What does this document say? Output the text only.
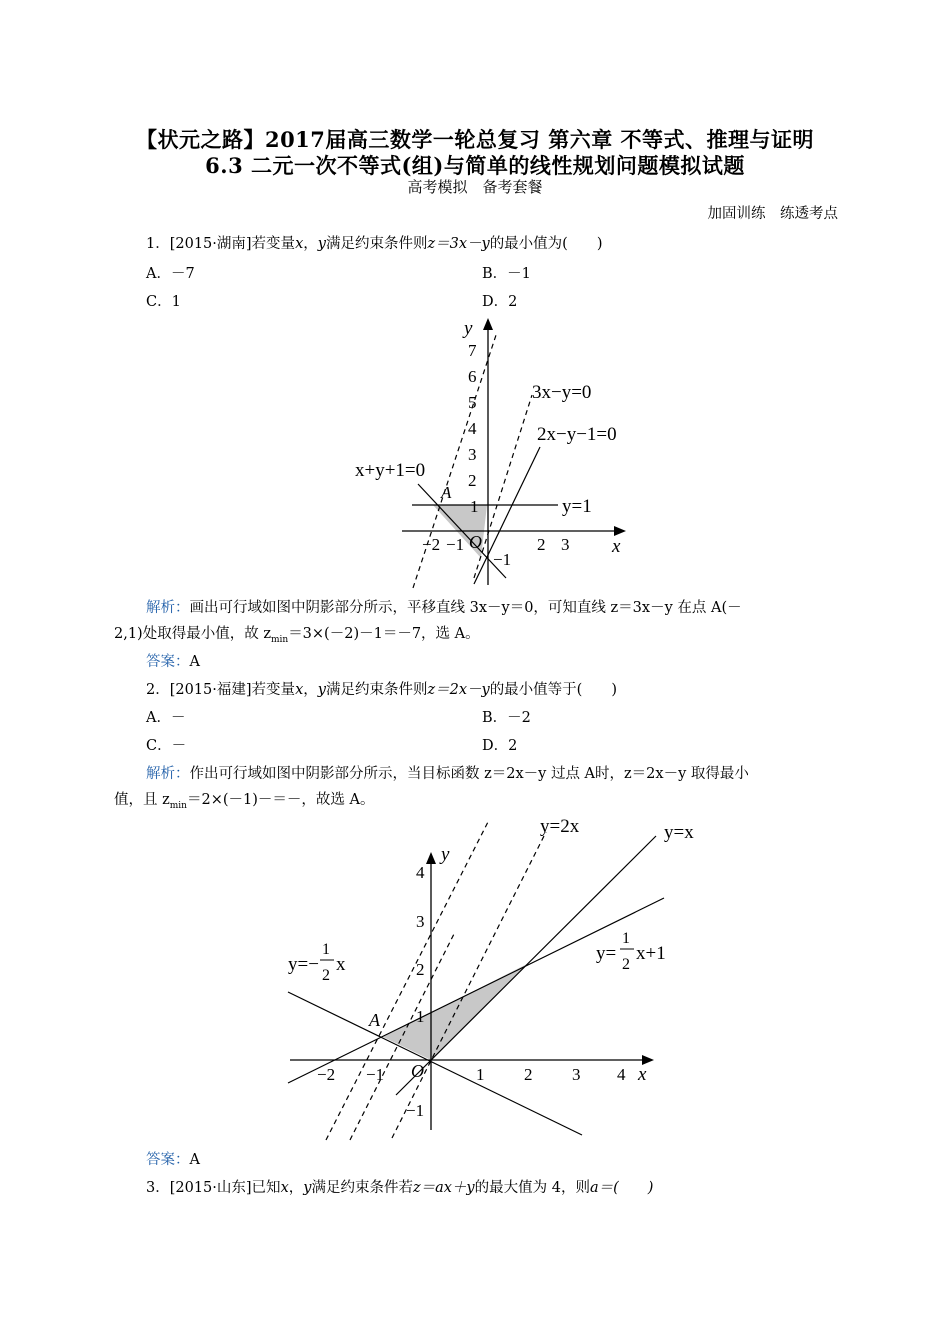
【状元之路】2017届高三数学一轮总复习 第六章 不等式、推理与证明
6.3 二元一次不等式(组)与简单的线性规划问题模拟试题
高考模拟　备考套餐
加固训练　练透考点
1．[2015·湖南]若变量x，y满足约束条件则z＝3x－y的最小值为(　　)
A．－7	B．－1
C．1	D．2
y
x
3x−y=0
2x−y−1=0
x+y+1=0
y=1
A
O
−1
7
6
5
4
3
2
1
−2 −1	2 3
解析：画出可行域如图中阴影部分所示，平移直线 3x－y＝0，可知直线 z＝3x－y 在点 A(－
2,1)处取得最小值，故 $z_{min}=3\times(-2)-1=-7$，选 A。
答案：A
2．[2015·福建]若变量x，y满足约束条件则z＝2x－y的最小值等于(　　)
A．－	B．－2
C．－	D．2
解析：作出可行域如图中阴影部分所示，当目标函数 z＝2x－y 过点 A时，z＝2x－y 取得最小
值，且 $z_{min}=2\times(-1)-=-$，故选 A。
y
x
y=2x	y=x
A
O
y=−
1
2
x
y=
1
2
x+1
4
3
2
1
−1
−2 −1	1 2 3 4
答案：A
3．[2015·山东]已知x，y满足约束条件若z＝ax＋y的最大值为 4，则a＝(　　)
